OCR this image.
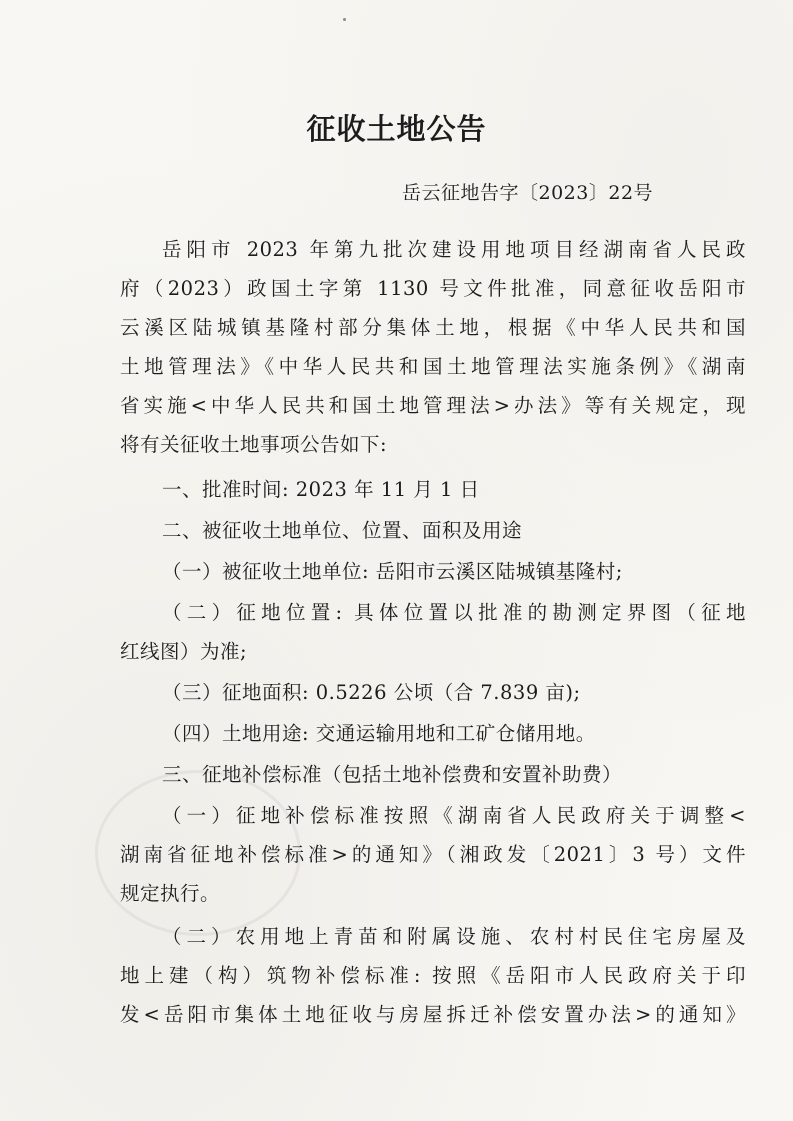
征收土地公告
岳云征地告字〔2023〕22号
岳阳市 2023 年第九批次建设用地项目经湖南省人民政
府（2023）政国土字第 1130 号文件批准，同意征收岳阳市
云溪区陆城镇基隆村部分集体土地，根据《中华人民共和国
土地管理法》《中华人民共和国土地管理法实施条例》《湖南
省实施<中华人民共和国土地管理法>办法》等有关规定，现
将有关征收土地事项公告如下:
一、批准时间: 2023 年 11 月 1 日
二、被征收土地单位、位置、面积及用途
（一）被征收土地单位: 岳阳市云溪区陆城镇基隆村;
（二）征地位置: 具体位置以批准的勘测定界图（征地
红线图）为准;
（三）征地面积: 0.5226 公顷（合 7.839 亩);
（四）土地用途: 交通运输用地和工矿仓储用地。
三、征地补偿标准（包括土地补偿费和安置补助费）
（一）征地补偿标准按照《湖南省人民政府关于调整<
湖南省征地补偿标准>的通知》（湘政发〔2021〕3 号）文件
规定执行。
（二）农用地上青苗和附属设施、农村村民住宅房屋及
地上建（构）筑物补偿标准: 按照《岳阳市人民政府关于印
发<岳阳市集体土地征收与房屋拆迁补偿安置办法>的通知》
